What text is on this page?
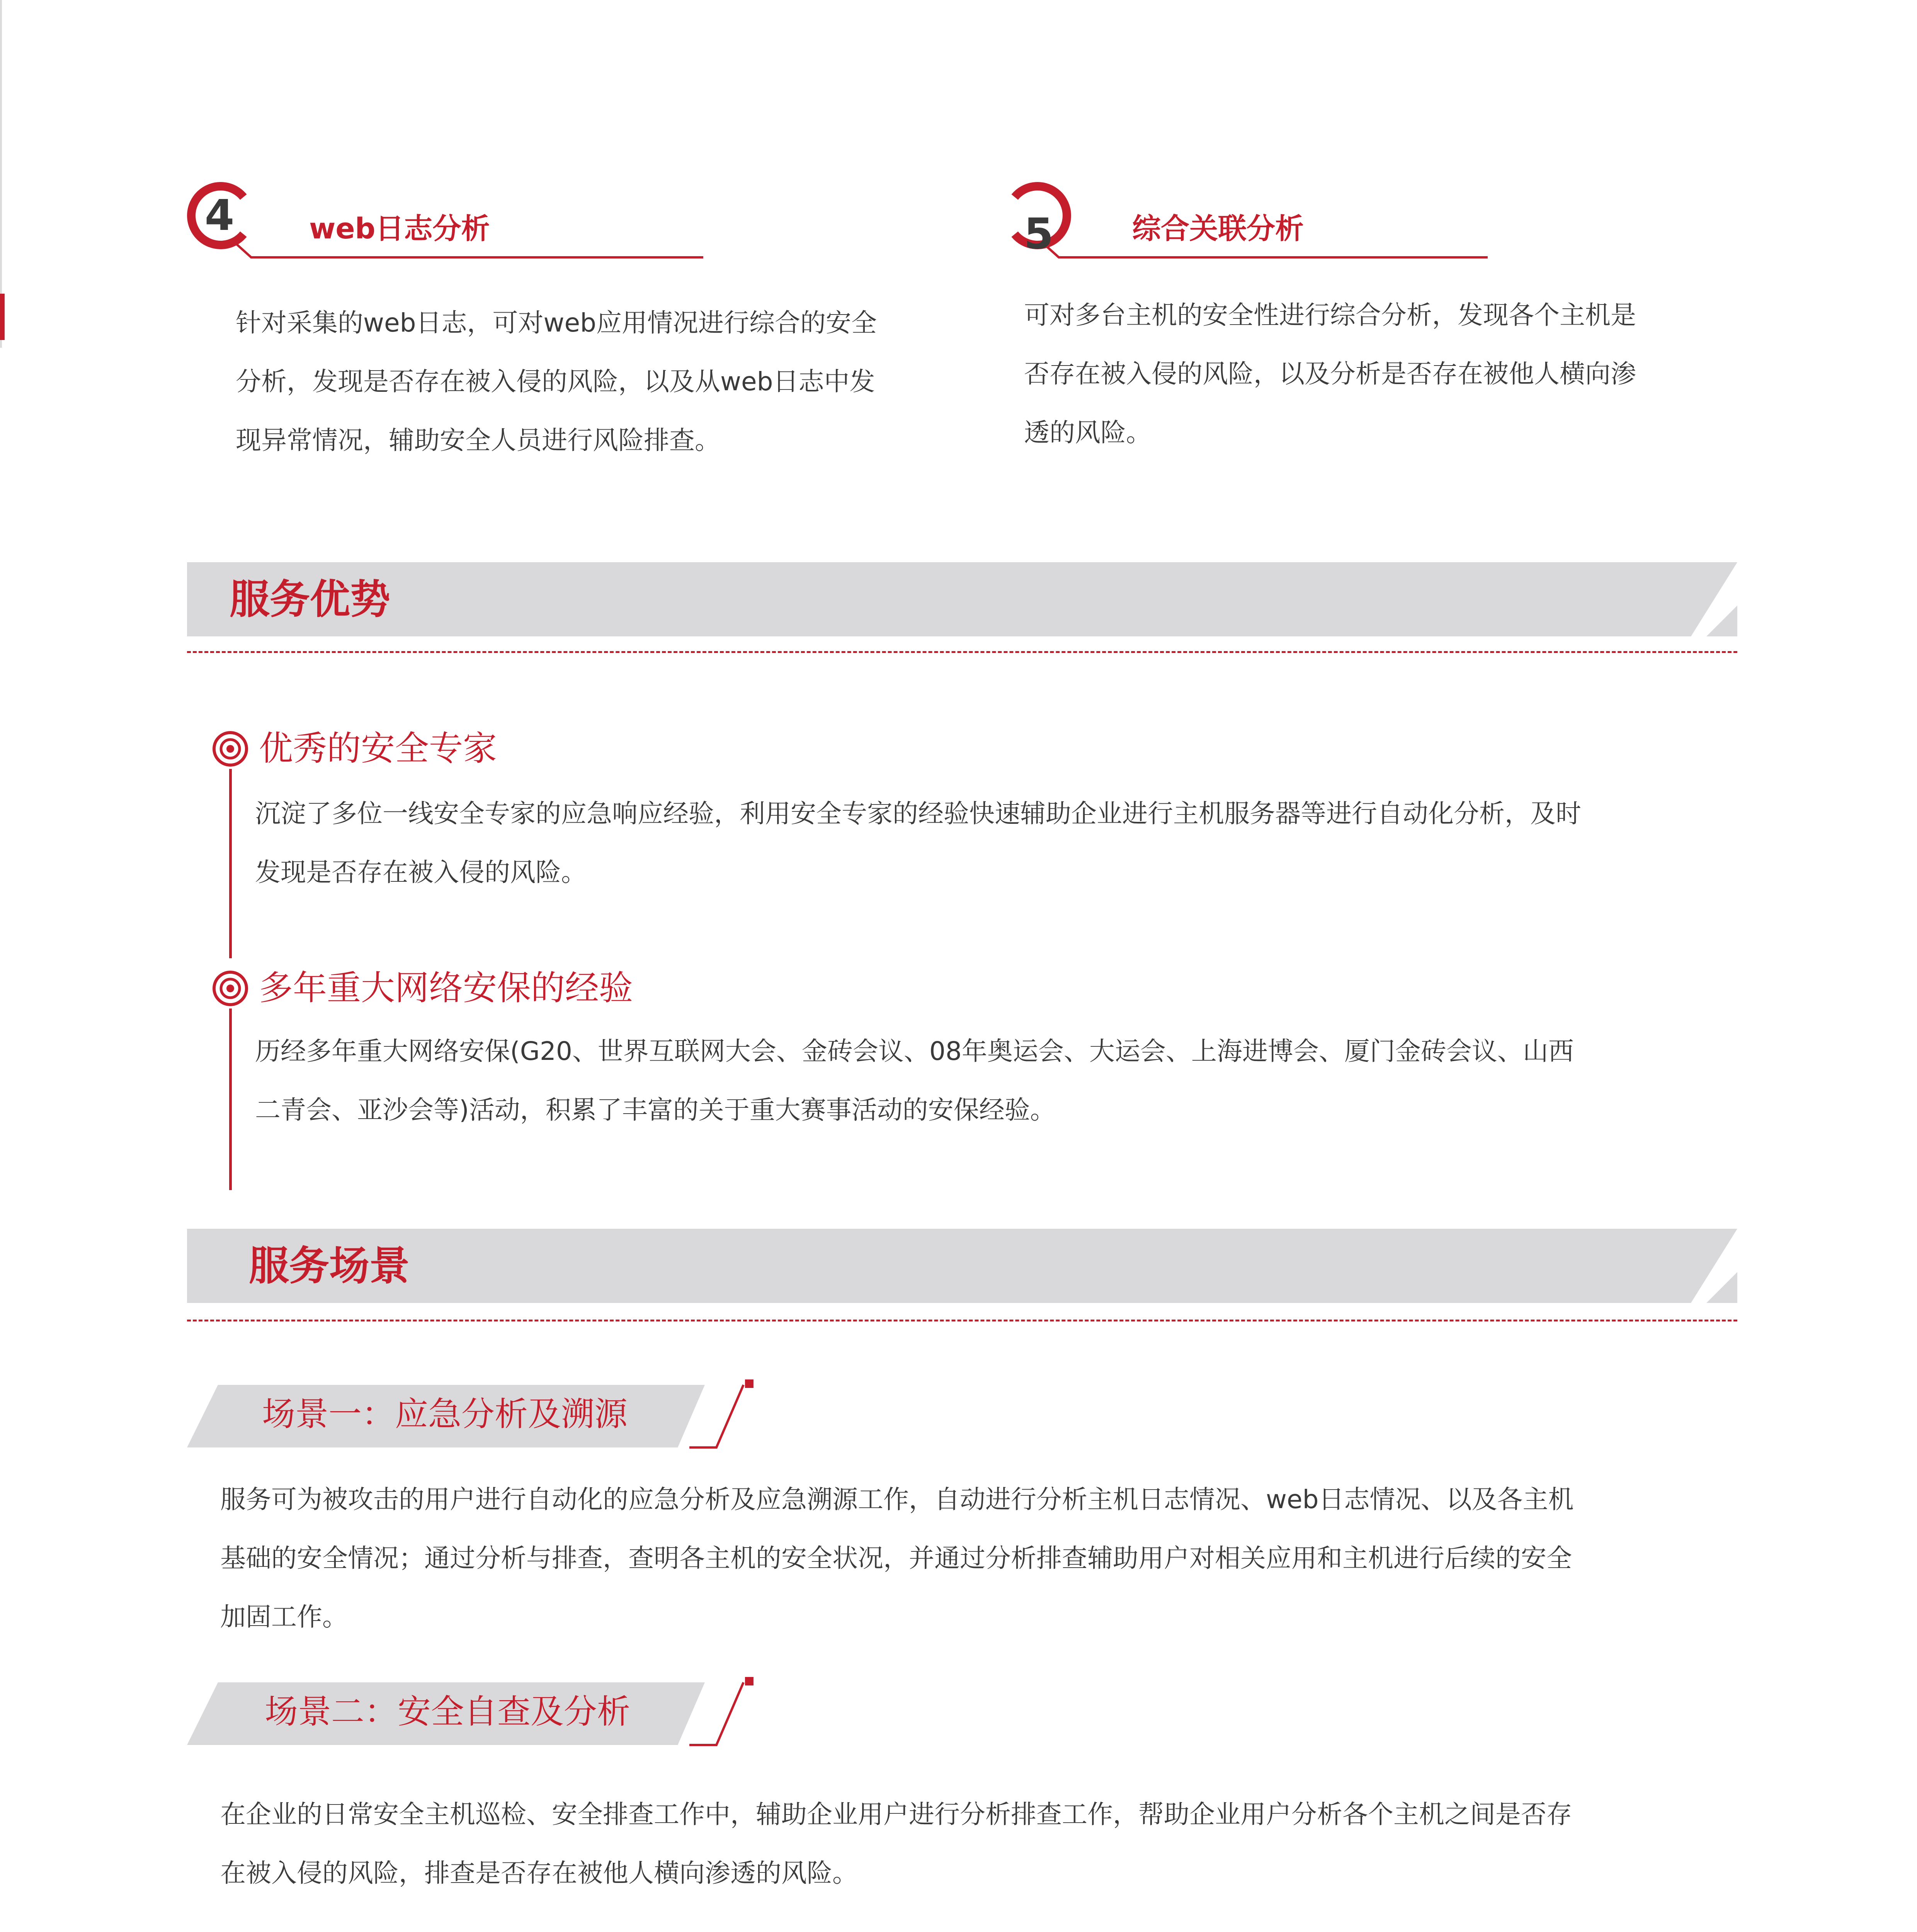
4	web日志分析

针对采集的web日志，可对web应用情况进行综合的安全

分析，发现是否存在被入侵的风险，以及从web日志中发

现异常情况，辅助安全人员进行风险排查。

5	综合关联分析

可对多台主机的安全性进行综合分析，发现各个主机是

否存在被入侵的风险，以及分析是否存在被他人横向渗

透的风险。

服务优势
优秀的安全专家

沉淀了多位一线安全专家的应急响应经验，利用安全专家的经验快速辅助企业进行主机服务器等进行自动化分析，及时

发现是否存在被入侵的风险。

多年重大网络安保的经验

历经多年重大网络安保(G20、世界互联网大会、金砖会议、08年奥运会、大运会、上海进博会、厦门金砖会议、山西

二青会、亚沙会等)活动，积累了丰富的关于重大赛事活动的安保经验。

服务场景
场景一：应急分析及溯源

服务可为被攻击的用户进行自动化的应急分析及应急溯源工作，自动进行分析主机日志情况、web日志情况、以及各主机

基础的安全情况；通过分析与排查，查明各主机的安全状况，并通过分析排查辅助用户对相关应用和主机进行后续的安全

加固工作。

场景二：安全自查及分析

在企业的日常安全主机巡检、安全排查工作中，辅助企业用户进行分析排查工作，帮助企业用户分析各个主机之间是否存

在被入侵的风险，排查是否存在被他人横向渗透的风险。
